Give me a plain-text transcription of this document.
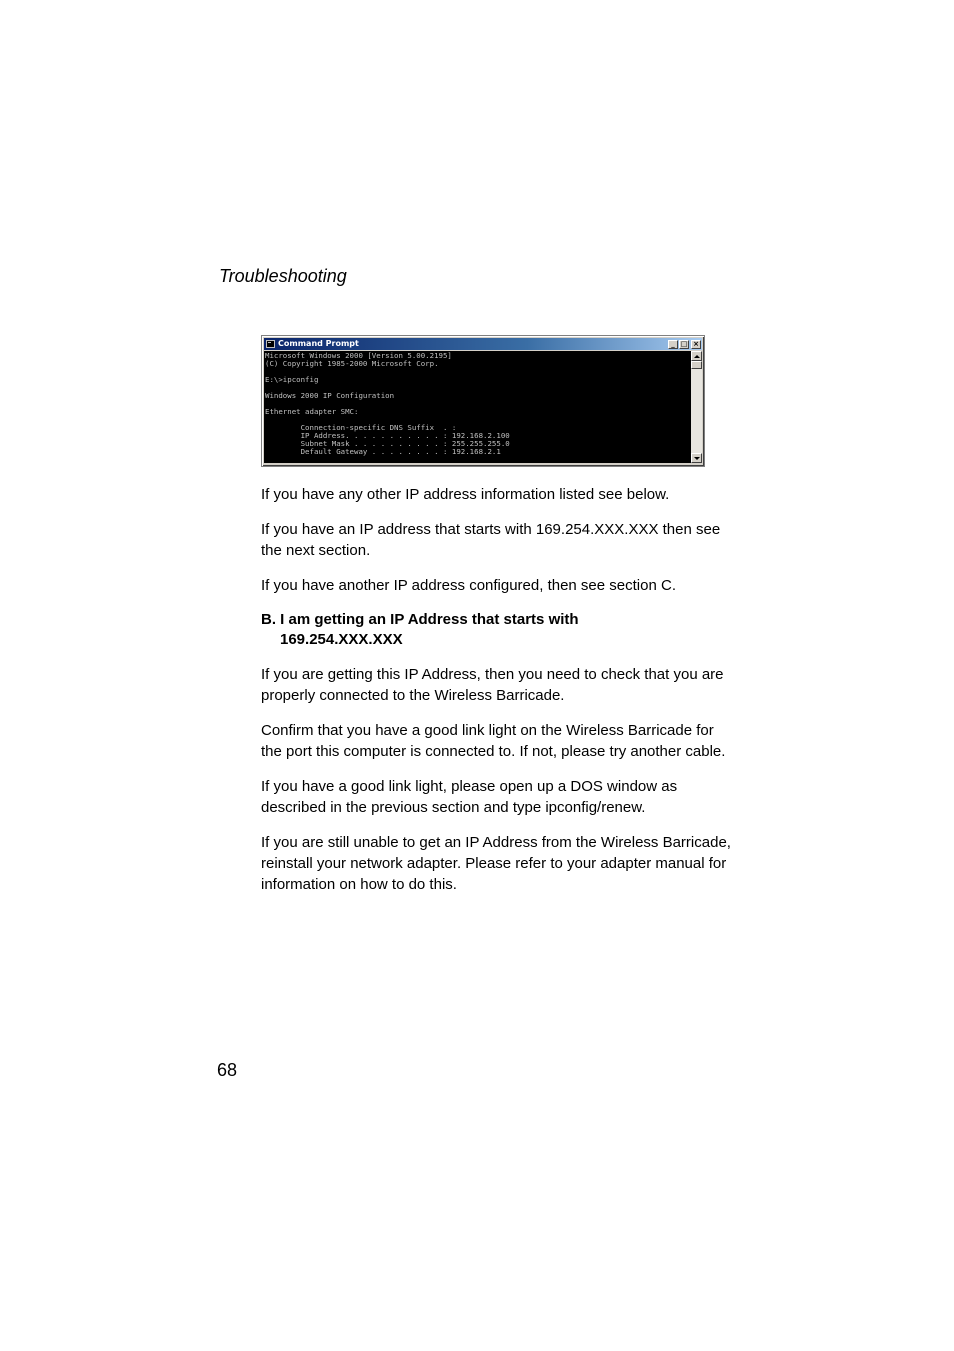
Troubleshooting
Command Prompt	_ □ ×
Microsoft Windows 2000 [Version 5.00.2195]
(C) Copyright 1985-2000 Microsoft Corp.
E:\>ipconfig
Windows 2000 IP Configuration
Ethernet adapter SMC:
Connection-specific DNS Suffix  . :
IP Address. . . . . . . . . . . : 192.168.2.100
Subnet Mask . . . . . . . . . . : 255.255.255.0
Default Gateway . . . . . . . . : 192.168.2.1

If you have any other IP address information listed see below.

If you have an IP address that starts with 169.254.XXX.XXX then see the next section.

If you have another IP address configured, then see section C.

B. I am getting an IP Address that starts with
169.254.XXX.XXX

If you are getting this IP Address, then you need to check that you are properly connected to the Wireless Barricade.

Confirm that you have a good link light on the Wireless Barricade for the port this computer is connected to. If not, please try another cable.

If you have a good link light, please open up a DOS window as described in the previous section and type ipconfig/renew.

If you are still unable to get an IP Address from the Wireless Barricade, reinstall your network adapter. Please refer to your adapter manual for information on how to do this.

68
